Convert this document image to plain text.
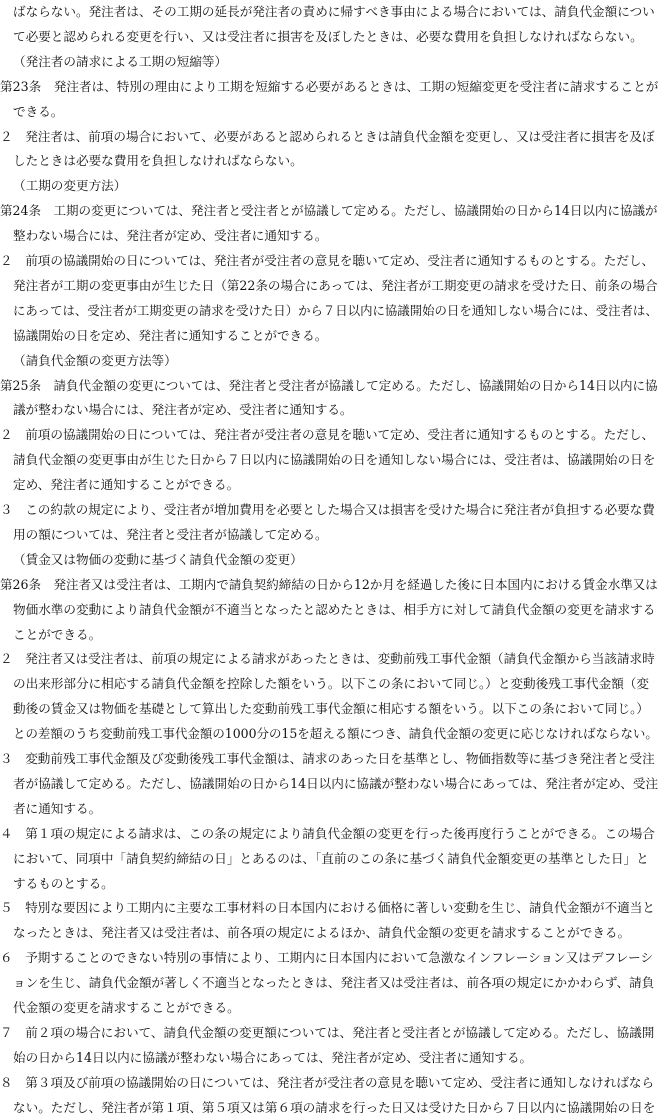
ばならない。発注者は、その工期の延長が発注者の責めに帰すべき事由による場合においては、請負代金額につい
て必要と認められる変更を行い、又は受注者に損害を及ぼしたときは、必要な費用を負担しなければならない。
（発注者の請求による工期の短縮等）
第23条　発注者は、特別の理由により工期を短縮する必要があるときは、工期の短縮変更を受注者に請求することが
できる。
２　発注者は、前項の場合において、必要があると認められるときは請負代金額を変更し、又は受注者に損害を及ぼ
したときは必要な費用を負担しなければならない。
（工期の変更方法）
第24条　工期の変更については、発注者と受注者とが協議して定める。ただし、協議開始の日から14日以内に協議が
整わない場合には、発注者が定め、受注者に通知する。
２　前項の協議開始の日については、発注者が受注者の意見を聴いて定め、受注者に通知するものとする。ただし、
発注者が工期の変更事由が生じた日（第22条の場合にあっては、発注者が工期変更の請求を受けた日、前条の場合
にあっては、受注者が工期変更の請求を受けた日）から７日以内に協議開始の日を通知しない場合には、受注者は、
協議開始の日を定め、発注者に通知することができる。
（請負代金額の変更方法等）
第25条　請負代金額の変更については、発注者と受注者が協議して定める。ただし、協議開始の日から14日以内に協
議が整わない場合には、発注者が定め、受注者に通知する。
２　前項の協議開始の日については、発注者が受注者の意見を聴いて定め、受注者に通知するものとする。ただし、
請負代金額の変更事由が生じた日から７日以内に協議開始の日を通知しない場合には、受注者は、協議開始の日を
定め、発注者に通知することができる。
３　この約款の規定により、受注者が増加費用を必要とした場合又は損害を受けた場合に発注者が負担する必要な費
用の額については、発注者と受注者が協議して定める。
（賃金又は物価の変動に基づく請負代金額の変更）
第26条　発注者又は受注者は、工期内で請負契約締結の日から12か月を経過した後に日本国内における賃金水準又は
物価水準の変動により請負代金額が不適当となったと認めたときは、相手方に対して請負代金額の変更を請求する
ことができる。
２　発注者又は受注者は、前項の規定による請求があったときは、変動前残工事代金額（請負代金額から当該請求時
の出来形部分に相応する請負代金額を控除した額をいう。以下この条において同じ。）と変動後残工事代金額（変
動後の賃金又は物価を基礎として算出した変動前残工事代金額に相応する額をいう。以下この条において同じ。）
との差額のうち変動前残工事代金額の1000分の15を超える額につき、請負代金額の変更に応じなければならない。
３　変動前残工事代金額及び変動後残工事代金額は、請求のあった日を基準とし、物価指数等に基づき発注者と受注
者が協議して定める。ただし、協議開始の日から14日以内に協議が整わない場合にあっては、発注者が定め、受注
者に通知する。
４　第１項の規定による請求は、この条の規定により請負代金額の変更を行った後再度行うことができる。この場合
において、同項中「請負契約締結の日」とあるのは、「直前のこの条に基づく請負代金額変更の基準とした日」と
するものとする。
５　特別な要因により工期内に主要な工事材料の日本国内における価格に著しい変動を生じ、請負代金額が不適当と
なったときは、発注者又は受注者は、前各項の規定によるほか、請負代金額の変更を請求することができる。
６　予期することのできない特別の事情により、工期内に日本国内において急激なインフレーション又はデフレーシ
ョンを生じ、請負代金額が著しく不適当となったときは、発注者又は受注者は、前各項の規定にかかわらず、請負
代金額の変更を請求することができる。
７　前２項の場合において、請負代金額の変更額については、発注者と受注者とが協議して定める。ただし、協議開
始の日から14日以内に協議が整わない場合にあっては、発注者が定め、受注者に通知する。
８　第３項及び前項の協議開始の日については、発注者が受注者の意見を聴いて定め、受注者に通知しなければなら
ない。ただし、発注者が第１項、第５項又は第６項の請求を行った日又は受けた日から７日以内に協議開始の日を
